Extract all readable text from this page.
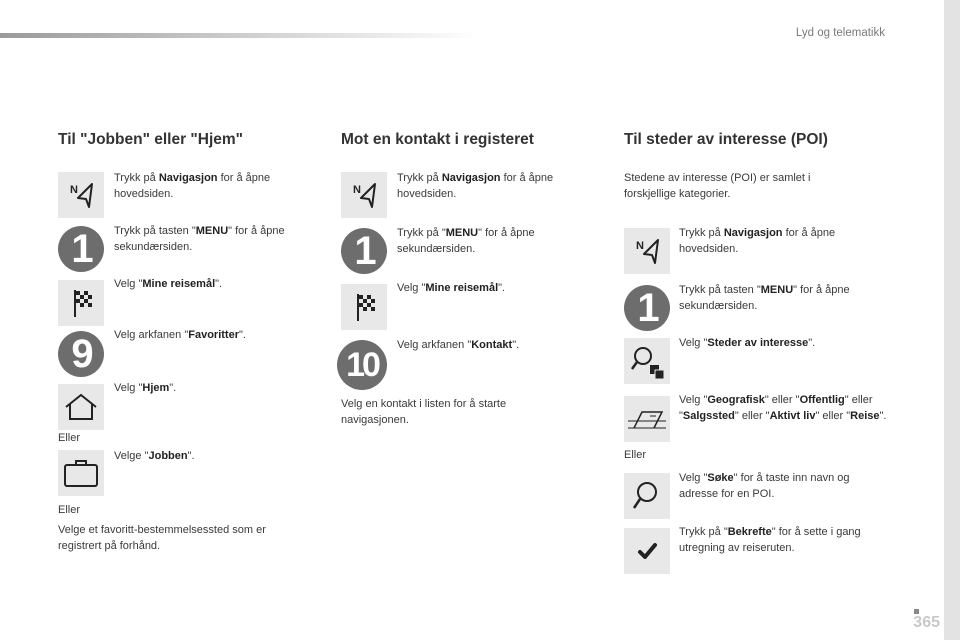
Lyd og telematikk
Til "Jobben" eller "Hjem"
N
Trykk på Navigasjon for å åpne hovedsiden.
1	Trykk på tasten "MENU" for å åpne sekundærsiden.
Velg "Mine reisemål".
9	Velg arkfanen "Favoritter".
Velg "Hjem".
Eller
Velge "Jobben".
Eller
Velge et favoritt-bestemmelsessted som er registrert på forhånd.
Mot en kontakt i registeret
N
Trykk på Navigasjon for å åpne hovedsiden.
1	Trykk på "MENU" for å åpne sekundærsiden.
Velg "Mine reisemål".
10
Velg arkfanen "Kontakt".
Velg en kontakt i listen for å starte navigasjonen.
Til steder av interesse (POI)
Stedene av interesse (POI) er samlet i forskjellige kategorier.
N
Trykk på Navigasjon for å åpne hovedsiden.
1	Trykk på tasten "MENU" for å åpne sekundærsiden.
Velg "Steder av interesse".
Velg "Geografisk" eller "Offentlig" eller "Salgssted" eller "Aktivt liv" eller "Reise".
Eller
Velg "Søke" for å taste inn navn og adresse for en POI.
Trykk på "Bekrefte" for å sette i gang utregning av reiseruten.
365
